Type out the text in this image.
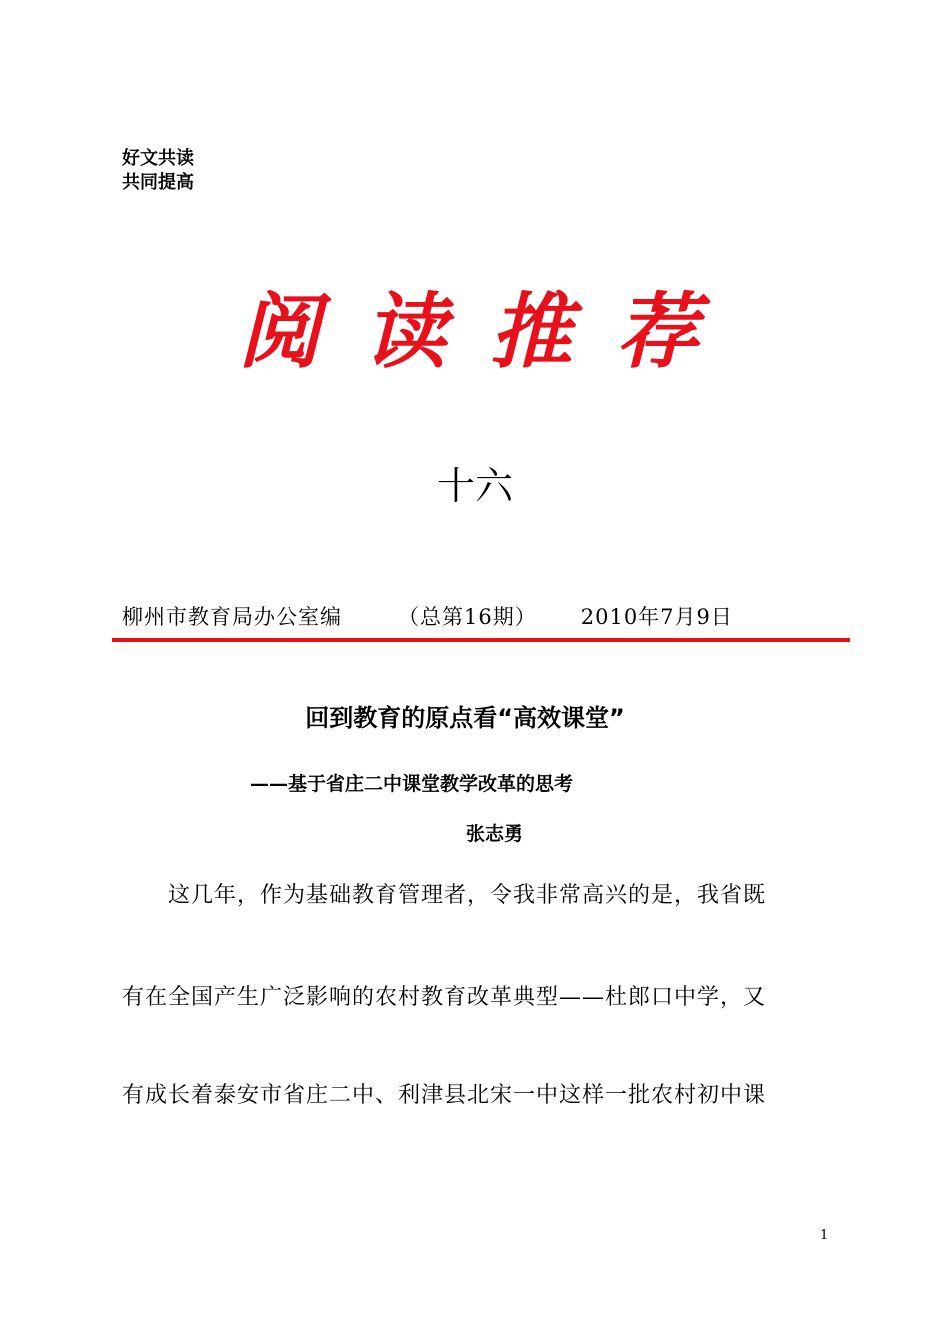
好文共读
共同提高
阅读推荐
十六
柳州市教育局办公室编	（总第16期） 2010年7月9日
回到教育的原点看“高效课堂”
——基于省庄二中课堂教学改革的思考
张志勇
　　这几年，作为基础教育管理者，令我非常高兴的是，我省既
有在全国产生广泛影响的农村教育改革典型——杜郎口中学，又
有成长着泰安市省庄二中、利津县北宋一中这样一批农村初中课
1
